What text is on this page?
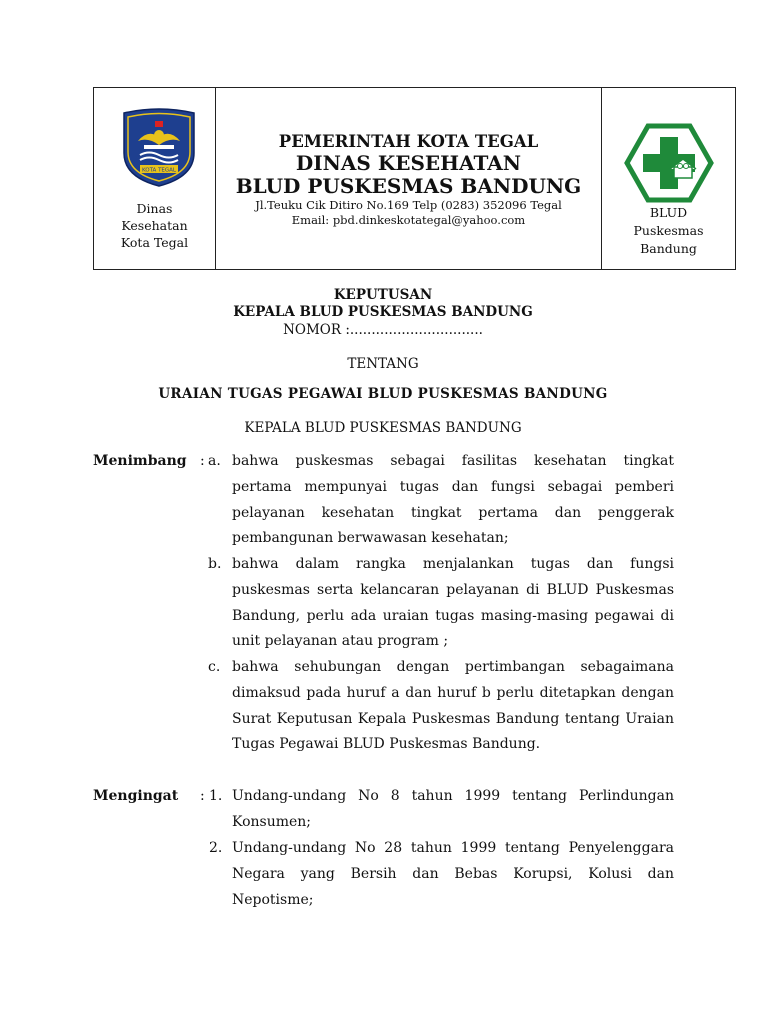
KOTA TEGAL
Dinas
Kesehatan
Kota Tegal
PEMERINTAH KOTA TEGAL
DINAS KESEHATAN
BLUD PUSKESMAS BANDUNG
Jl.Teuku Cik Ditiro No.169 Telp (0283) 352096 Tegal
Email: pbd.dinkeskotategal@yahoo.com	BLUD
Puskesmas
Bandung
KEPUTUSAN
KEPALA BLUD PUSKESMAS BANDUNG
NOMOR :...............................
TENTANG
URAIAN TUGAS PEGAWAI BLUD PUSKESMAS BANDUNG
KEPALA BLUD PUSKESMAS BANDUNG
Menimbang : a. bahwa puskesmas sebagai fasilitas kesehatan tingkat pertama mempunyai tugas dan fungsi sebagai pemberi pelayanan kesehatan tingkat pertama dan penggerak pembangunan berwawasan kesehatan;
b. bahwa dalam rangka menjalankan tugas dan fungsi puskesmas serta kelancaran pelayanan di BLUD Puskesmas Bandung, perlu ada uraian tugas masing-masing pegawai di unit pelayanan atau program ;
c. bahwa sehubungan dengan pertimbangan sebagaimana dimaksud pada huruf a dan huruf b perlu ditetapkan dengan Surat Keputusan Kepala Puskesmas Bandung tentang Uraian Tugas Pegawai BLUD Puskesmas Bandung.
Mengingat : 1. Undang-undang No 8 tahun 1999 tentang Perlindungan Konsumen;
2. Undang-undang No 28 tahun 1999 tentang Penyelenggara Negara yang Bersih dan Bebas Korupsi, Kolusi dan Nepotisme;
